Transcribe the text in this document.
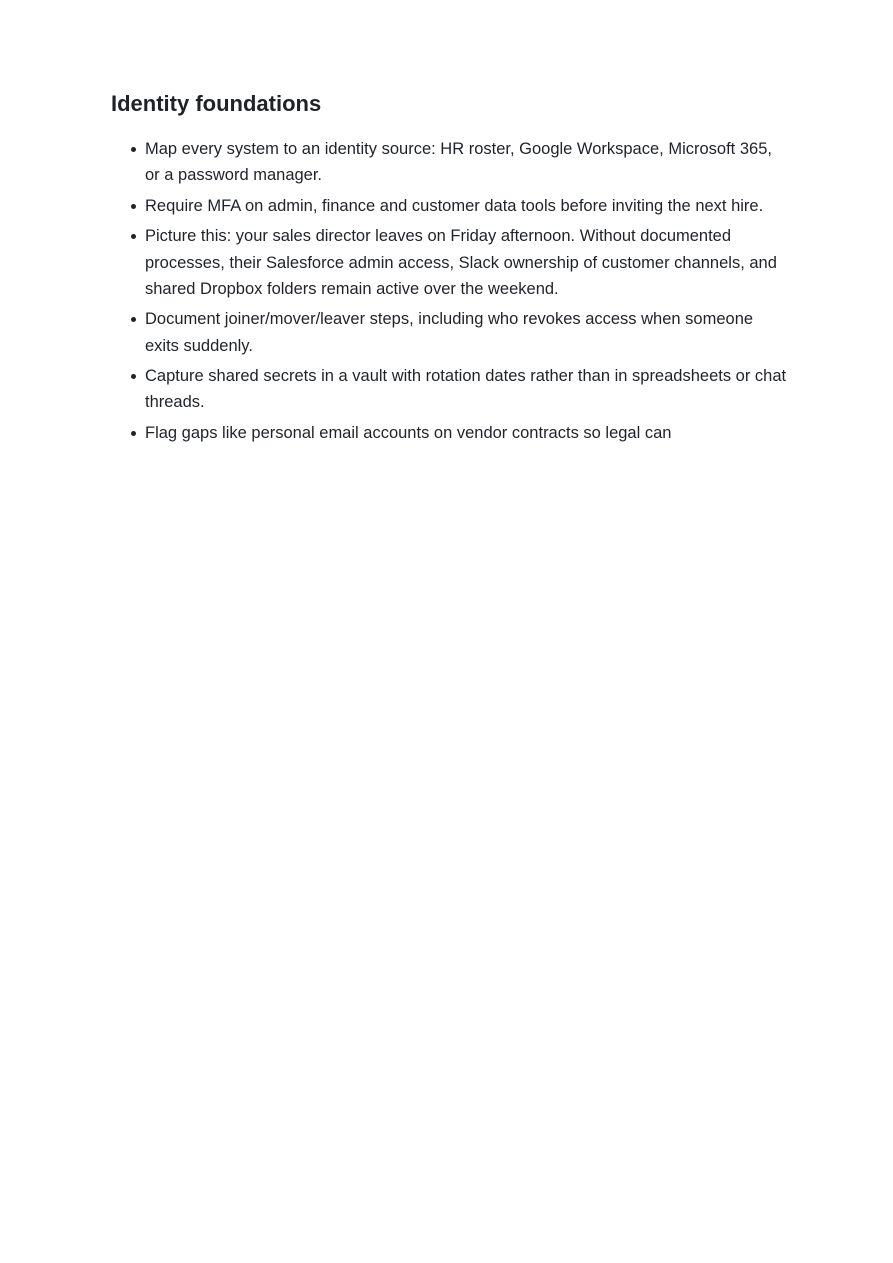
Identity foundations
Map every system to an identity source: HR roster, Google Workspace, Microsoft 365, or a password manager.
Require MFA on admin, finance and customer data tools before inviting the next hire.
Picture this: your sales director leaves on Friday afternoon. Without documented processes, their Salesforce admin access, Slack ownership of customer channels, and shared Dropbox folders remain active over the weekend.
Document joiner/mover/leaver steps, including who revokes access when someone exits suddenly.
Capture shared secrets in a vault with rotation dates rather than in spreadsheets or chat threads.
Flag gaps like personal email accounts on vendor contracts so legal can
